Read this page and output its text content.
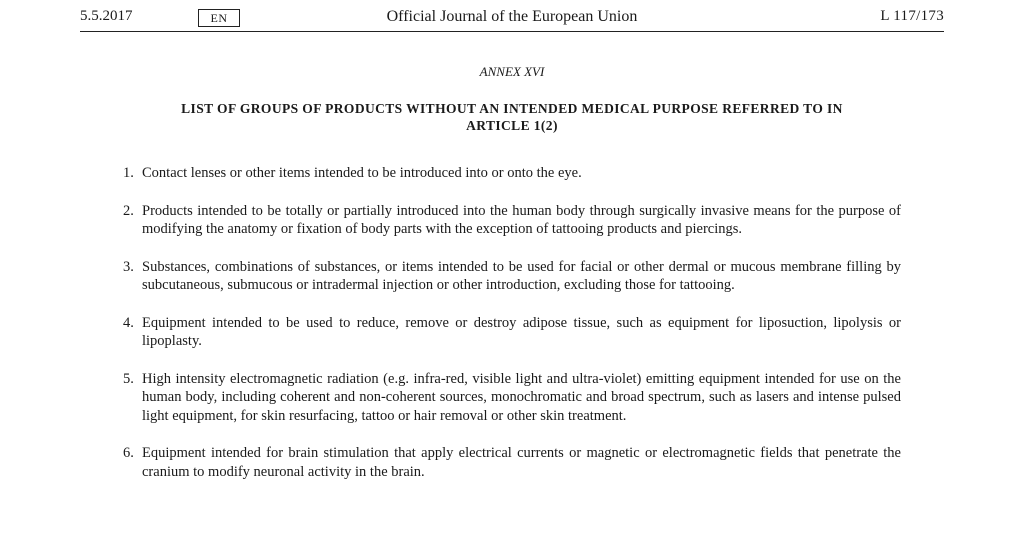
5.5.2017	EN	Official Journal of the European Union	L 117/173
ANNEX XVI
LIST OF GROUPS OF PRODUCTS WITHOUT AN INTENDED MEDICAL PURPOSE REFERRED TO IN ARTICLE 1(2)
1. Contact lenses or other items intended to be introduced into or onto the eye.
2. Products intended to be totally or partially introduced into the human body through surgically invasive means for the purpose of modifying the anatomy or fixation of body parts with the exception of tattooing products and piercings.
3. Substances, combinations of substances, or items intended to be used for facial or other dermal or mucous membrane filling by subcutaneous, submucous or intradermal injection or other introduction, excluding those for tattooing.
4. Equipment intended to be used to reduce, remove or destroy adipose tissue, such as equipment for liposuction, lipolysis or lipoplasty.
5. High intensity electromagnetic radiation (e.g. infra-red, visible light and ultra-violet) emitting equipment intended for use on the human body, including coherent and non-coherent sources, monochromatic and broad spectrum, such as lasers and intense pulsed light equipment, for skin resurfacing, tattoo or hair removal or other skin treatment.
6. Equipment intended for brain stimulation that apply electrical currents or magnetic or electromagnetic fields that penetrate the cranium to modify neuronal activity in the brain.
